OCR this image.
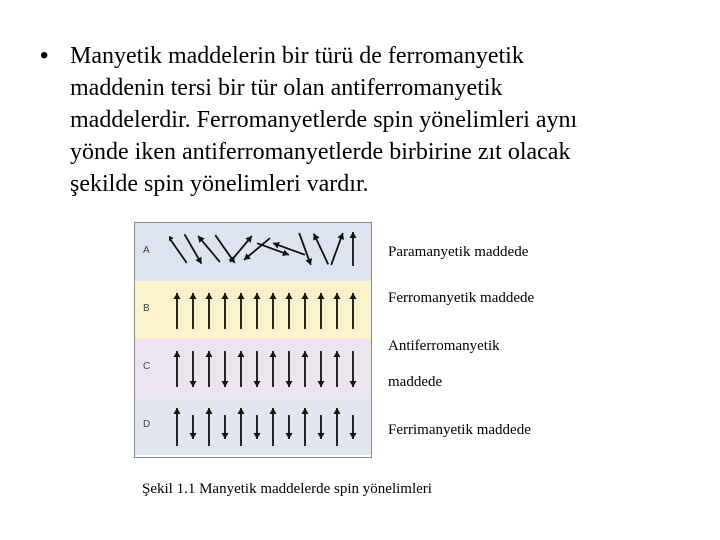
• Manyetik maddelerin bir türü de ferromanyetik
maddenin tersi bir tür olan antiferromanyetik
maddelerdir. Ferromanyetlerde spin yönelimleri aynı
yönde iken antiferromanyetlerde birbirine zıt olacak
şekilde spin yönelimleri vardır.
A
B
C
D
Paramanyetik maddede
Ferromanyetik maddede
Antiferromanyetik
maddede
Ferrimanyetik maddede
Şekil 1.1 Manyetik maddelerde spin yönelimleri
